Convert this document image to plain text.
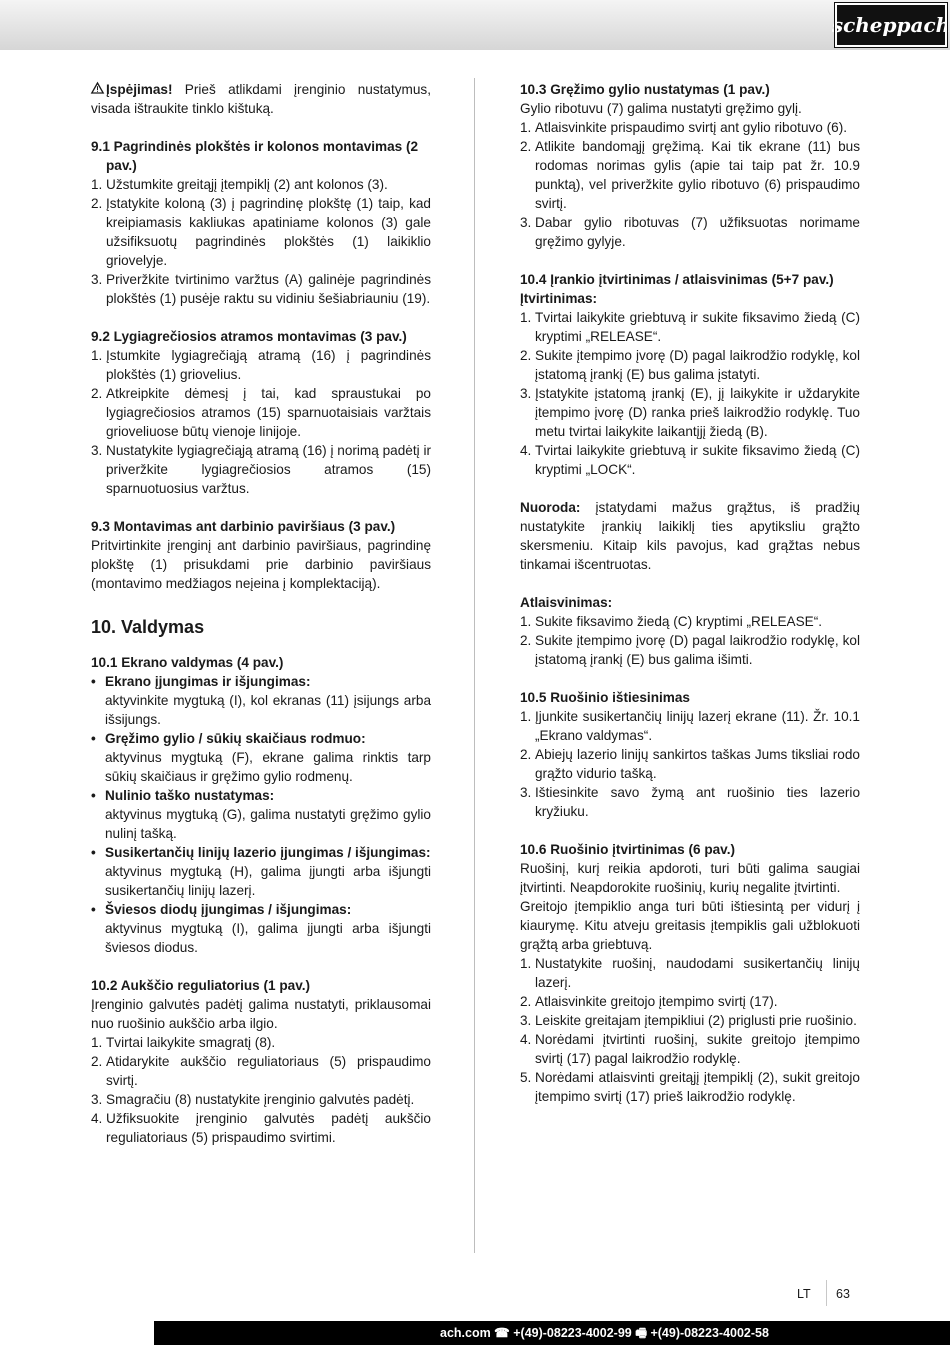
scheppach

Įspėjimas! Prieš atlikdami įrenginio nustatymus, visada ištraukite tinklo kištuką.

9.1 Pagrindinės plokštės ir kolonos montavimas (2 pav.)
1. Užstumkite greitąjį įtempiklį (2) ant kolonos (3).
2. Įstatykite koloną (3) į pagrindinę plokštę (1) taip, kad kreipiamasis kakliukas apatiniame kolonos (3) gale užsifiksuotų pagrindinės plokštės (1) laikiklio griovelyje.
3. Priveržkite tvirtinimo varžtus (A) galinėje pagrindinės plokštės (1) pusėje raktu su vidiniu šešiabriauniu (19).
9.2 Lygiagrečiosios atramos montavimas (3 pav.)
1. Įstumkite lygiagrečiąją atramą (16) į pagrindinės plokštės (1) griovelius.
2. Atkreipkite dėmesį į tai, kad spraustukai po lygiagrečiosios atramos (15) sparnuotaisiais varžtais grioveliuose būtų vienoje linijoje.
3. Nustatykite lygiagrečiąją atramą (16) į norimą padėtį ir priveržkite lygiagrečiosios atramos (15) sparnuotuosius varžtus.
9.3 Montavimas ant darbinio paviršiaus (3 pav.)

Pritvirtinkite įrenginį ant darbinio paviršiaus, pagrindinę plokštę (1) prisukdami prie darbinio paviršiaus (montavimo medžiagos neįeina į komplektaciją).

10. Valdymas
10.1 Ekrano valdymas (4 pav.)
• Ekrano įjungimas ir išjungimas:
aktyvinkite mygtuką (I), kol ekranas (11) įsijungs arba išsijungs.
• Gręžimo gylio / sūkių skaičiaus rodmuo:
aktyvinus mygtuką (F), ekrane galima rinktis tarp sūkių skaičiaus ir gręžimo gylio rodmenų.
• Nulinio taško nustatymas:
aktyvinus mygtuką (G), galima nustatyti gręžimo gylio nulinį tašką.
• Susikertančių linijų lazerio įjungimas / išjungimas:
aktyvinus mygtuką (H), galima įjungti arba išjungti susikertančių linijų lazerį.
• Šviesos diodų įjungimas / išjungimas:
aktyvinus mygtuką (I), galima įjungti arba išjungti šviesos diodus.
10.2 Aukščio reguliatorius (1 pav.)

Įrenginio galvutės padėtį galima nustatyti, priklausomai nuo ruošinio aukščio arba ilgio.

1. Tvirtai laikykite smagratį (8).
2. Atidarykite aukščio reguliatoriaus (5) prispaudimo svirtį.
3. Smagračiu (8) nustatykite įrenginio galvutės padėtį.
4. Užfiksuokite įrenginio galvutės padėtį aukščio reguliatoriaus (5) prispaudimo svirtimi.
10.3 Gręžimo gylio nustatymas (1 pav.)

Gylio ribotuvu (7) galima nustatyti gręžimo gylį.

1. Atlaisvinkite prispaudimo svirtį ant gylio ribotuvo (6).
2. Atlikite bandomąjį gręžimą. Kai tik ekrane (11) bus rodomas norimas gylis (apie tai taip pat žr. 10.9 punktą), vel priveržkite gylio ribotuvo (6) prispaudimo svirtį.
3. Dabar gylio ribotuvas (7) užfiksuotas norimame gręžimo gylyje.
10.4 Įrankio įtvirtinimas / atlaisvinimas (5+7 pav.)
Įtvirtinimas:
1. Tvirtai laikykite griebtuvą ir sukite fiksavimo žiedą (C) kryptimi „RELEASE“.
2. Sukite įtempimo įvorę (D) pagal laikrodžio rodyklę, kol įstatomą įrankį (E) bus galima įstatyti.
3. Įstatykite įstatomą įrankį (E), jį laikykite ir uždarykite įtempimo įvorę (D) ranka prieš laikrodžio rodyklę. Tuo metu tvirtai laikykite laikantįjį žiedą (B).
4. Tvirtai laikykite griebtuvą ir sukite fiksavimo žiedą (C) kryptimi „LOCK“.

Nuoroda: įstatydami mažus grąžtus, iš pradžių nustatykite įrankių laikiklį ties apytiksliu grąžto skersmeniu. Kitaip kils pavojus, kad grąžtas nebus tinkamai išcentruotas.

Atlaisvinimas:
1. Sukite fiksavimo žiedą (C) kryptimi „RELEASE“.
2. Sukite įtempimo įvorę (D) pagal laikrodžio rodyklę, kol įstatomą įrankį (E) bus galima išimti.
10.5 Ruošinio ištiesinimas
1. Įjunkite susikertančių linijų lazerį ekrane (11). Žr. 10.1 „Ekrano valdymas“.
2. Abiejų lazerio linijų sankirtos taškas Jums tiksliai rodo grąžto vidurio tašką.
3. Ištiesinkite savo žymą ant ruošinio ties lazerio kryžiuku.
10.6 Ruošinio įtvirtinimas (6 pav.)

Ruošinį, kurį reikia apdoroti, turi būti galima saugiai įtvirtinti. Neapdorokite ruošinių, kurių negalite įtvirtinti.

Greitojo įtempiklio anga turi būti ištiesintą per vidurį į kiaurymę. Kitu atveju greitasis įtempiklis gali užblokuoti grąžtą arba griebtuvą.

1. Nustatykite ruošinį, naudodami susikertančių linijų lazerį.
2. Atlaisvinkite greitojo įtempimo svirtį (17).
3. Leiskite greitajam įtempikliui (2) priglusti prie ruošinio.
4. Norėdami įtvirtinti ruošinį, sukite greitojo įtempimo svirtį (17) pagal laikrodžio rodyklę.
5. Norėdami atlaisvinti greitąjį įtempiklį (2), sukit greitojo įtempimo svirtį (17) prieš laikrodžio rodyklę.
LT 63
ach.com ☎ +(49)-08223-4002-99 🖷 +(49)-08223-4002-58
